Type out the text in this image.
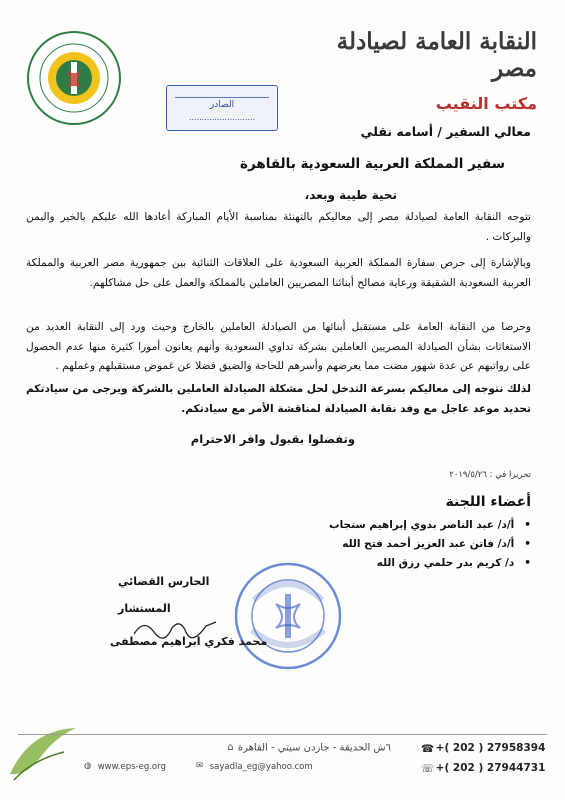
النقابة العامة لصيادلة مصر
مكتب النقيب
الصادر
..........................
معالي السفير / أسامه نقلي
سفير المملكة العربية السعودية بالقاهرة
تحية طيبة وبعد،
تتوجه النقابة العامة لصيادلة مصر إلى معاليكم بالتهنئة بمناسبة الأيام المباركة أعادها الله عليكم بالخير واليمن والبركات .
وبالإشارة إلى حرص سفارة المملكة العربية السعودية على العلاقات الثنائية بين جمهورية مصر العربية والمملكة العربية السعودية الشقيقة ورعاية مصالح أبنائنا المصريين العاملين بالمملكة والعمل على حل مشاكلهم.
وحرصا من النقابة العامة على مستقبل أبنائها من الصيادلة العاملين بالخارج وحيث ورد إلى النقابة العديد من الاستغاثات بشأن الصيادلة المصريين العاملين بشركة تداوي السعودية وأنهم يعانون أمورا كثيرة منها عدم الحصول على رواتبهم عن عدة شهور مضت مما يعرضهم وأسرهم للحاجة والضيق فضلا عن غموض مستقبلهم وعملهم .
لذلك نتوجه إلى معاليكم بسرعة التدخل لحل مشكلة الصيادلة العاملين بالشركة ويرجى من سيادتكم تحديد موعد عاجل مع وفد نقابة الصيادلة لمناقشة الأمر مع سيادتكم.
وتفضلوا بقبول وافر الاحترام
تحريرا في : ٢٠١٩/٥/٢٦
أعضاء اللجنة
• أ/د/ عبد الناصر بدوي إبراهيم سنجاب
• أ/د/ فاتن عبد العزيز أحمد فتح الله
• د/ كريم بدر حلمي رزق الله
الحارس القضائي
المستشار
محمد فكري ابراهيم مصطفى
☎ +( 202 ) 27958394
☏ +( 202 ) 27944731
٦ش الحديقة - جاردن سيتي - القاهرة ⌂
◍ www.eps-eg.org	✉ sayadla_eg@yahoo.com
